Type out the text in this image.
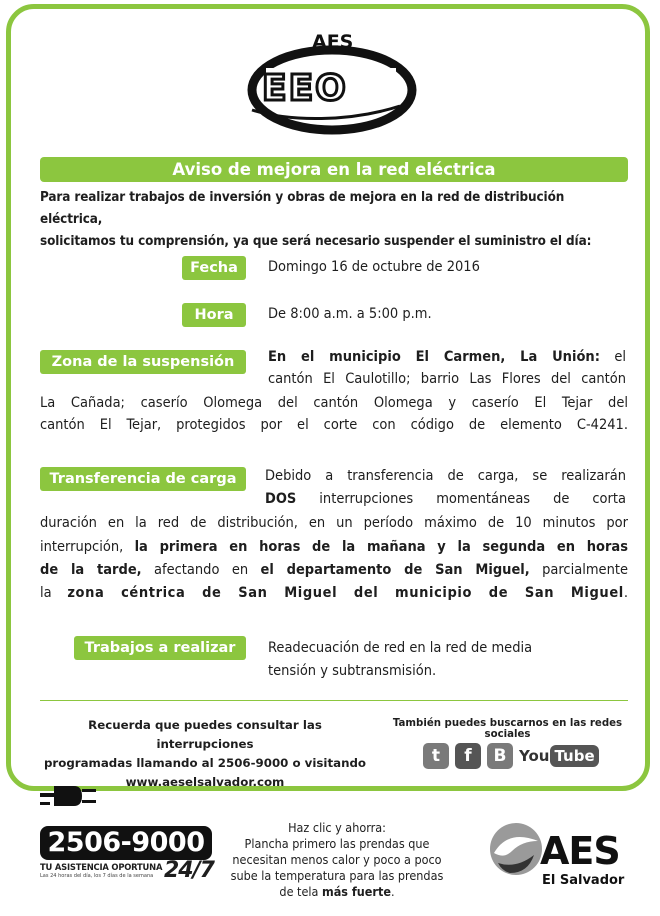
AES
EEO
Aviso de mejora en la red eléctrica
Para realizar trabajos de inversión y obras de mejora en la red de distribución eléctrica,
solicitamos tu comprensión, ya que será necesario suspender el suministro el día:
Fecha	Domingo 16 de octubre de 2016
Hora	De 8:00 a.m. a 5:00 p.m.
Zona de la suspensión	En el municipio El Carmen, La Unión: el
cantón El Caulotillo; barrio Las Flores del cantón
La Cañada; caserío Olomega del cantón Olomega y caserío El Tejar del
cantón El Tejar, protegidos por el corte con código de elemento C-4241.
Transferencia de carga	Debido a transferencia de carga, se realizarán
DOS interrupciones momentáneas de corta
duración en la red de distribución, en un período máximo de 10 minutos por
interrupción, la primera en horas de la mañana y la segunda en horas
de la tarde, afectando en el departamento de San Miguel, parcialmente
la zona céntrica de San Miguel del municipio de San Miguel.
Trabajos a realizar	Readecuación de red en la red de media
tensión y subtransmisión.
Recuerda que puedes consultar las interrupciones
programadas llamando al 2506-9000 o visitando
www.aeselsalvador.com
También puedes buscarnos en las redes sociales
t	f	B You Tube
2506-9000
TU ASISTENCIA OPORTUNA
Las 24 horas del día, los 7 días de la semana 24/7
Haz clic y ahorra:
Plancha primero las prendas que
necesitan menos calor y poco a poco
sube la temperatura para las prendas
de tela más fuerte.
AES
El Salvador
